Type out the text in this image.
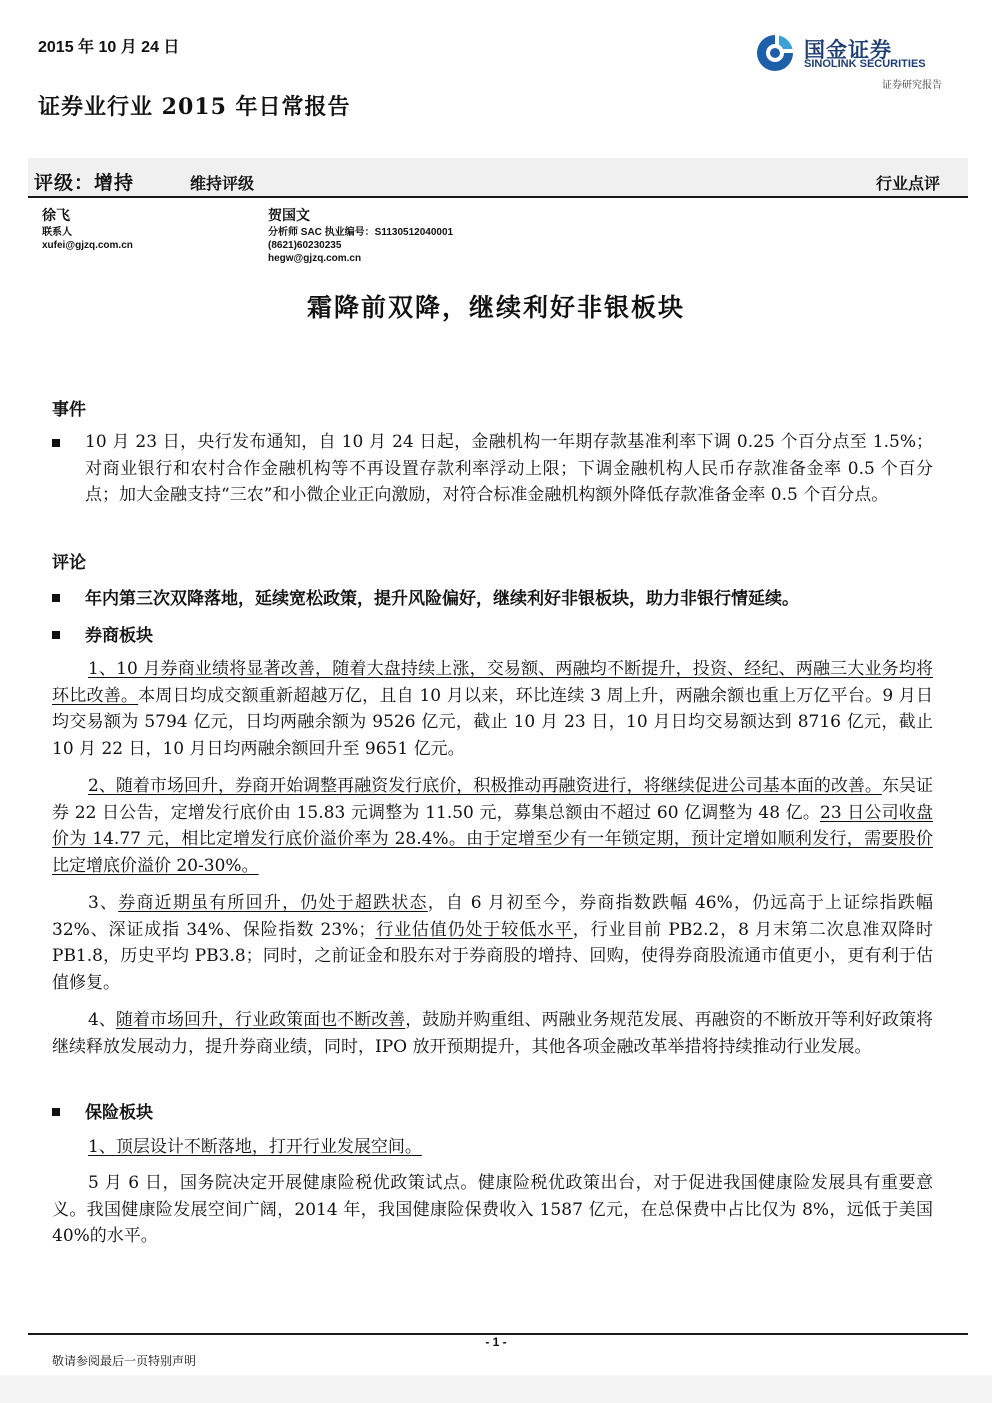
2015 年 10 月 24 日	国金证券
SINOLINK SECURITIES
证券研究报告
证券业行业 2015 年日常报告
评级：增持	维持评级	行业点评
徐飞
联系人
xufei@gjzq.com.cn
贺国文
分析师 SAC 执业编号：S1130512040001
(8621)60230235
hegw@gjzq.com.cn
霜降前双降，继续利好非银板块
事件
10 月 23 日，央行发布通知，自 10 月 24 日起，金融机构一年期存款基准利率下调 0.25 个百分点至 1.5%；对商业银行和农村合作金融机构等不再设置存款利率浮动上限；下调金融机构人民币存款准备金率 0.5 个百分点；加大金融支持“三农”和小微企业正向激励，对符合标准金融机构额外降低存款准备金率 0.5 个百分点。
评论
年内第三次双降落地，延续宽松政策，提升风险偏好，继续利好非银板块，助力非银行情延续。
券商板块
1、10 月券商业绩将显著改善，随着大盘持续上涨，交易额、两融均不断提升，投资、经纪、两融三大业务均将环比改善。本周日均成交额重新超越万亿，且自 10 月以来，环比连续 3 周上升，两融余额也重上万亿平台。9 月日均交易额为 5794 亿元，日均两融余额为 9526 亿元，截止 10 月 23 日，10 月日均交易额达到 8716 亿元，截止 10 月 22 日，10 月日均两融余额回升至 9651 亿元。
2、随着市场回升，券商开始调整再融资发行底价，积极推动再融资进行，将继续促进公司基本面的改善。东吴证券 22 日公告，定增发行底价由 15.83 元调整为 11.50 元，募集总额由不超过 60 亿调整为 48 亿。23 日公司收盘价为 14.77 元，相比定增发行底价溢价率为 28.4%。由于定增至少有一年锁定期，预计定增如顺利发行，需要股价比定增底价溢价 20-30%。
3、券商近期虽有所回升，仍处于超跌状态，自 6 月初至今，券商指数跌幅 46%，仍远高于上证综指跌幅 32%、深证成指 34%、保险指数 23%；行业估值仍处于较低水平，行业目前 PB2.2，8 月末第二次息准双降时 PB1.8，历史平均 PB3.8；同时，之前证金和股东对于券商股的增持、回购，使得券商股流通市值更小，更有利于估值修复。
4、随着市场回升，行业政策面也不断改善，鼓励并购重组、两融业务规范发展、再融资的不断放开等利好政策将继续释放发展动力，提升券商业绩，同时，IPO 放开预期提升，其他各项金融改革举措将持续推动行业发展。
保险板块
1、顶层设计不断落地，打开行业发展空间。
5 月 6 日，国务院决定开展健康险税优政策试点。健康险税优政策出台，对于促进我国健康险发展具有重要意义。我国健康险发展空间广阔，2014 年，我国健康险保费收入 1587 亿元，在总保费中占比仅为 8%，远低于美国 40%的水平。
- 1 -
敬请参阅最后一页特别声明
